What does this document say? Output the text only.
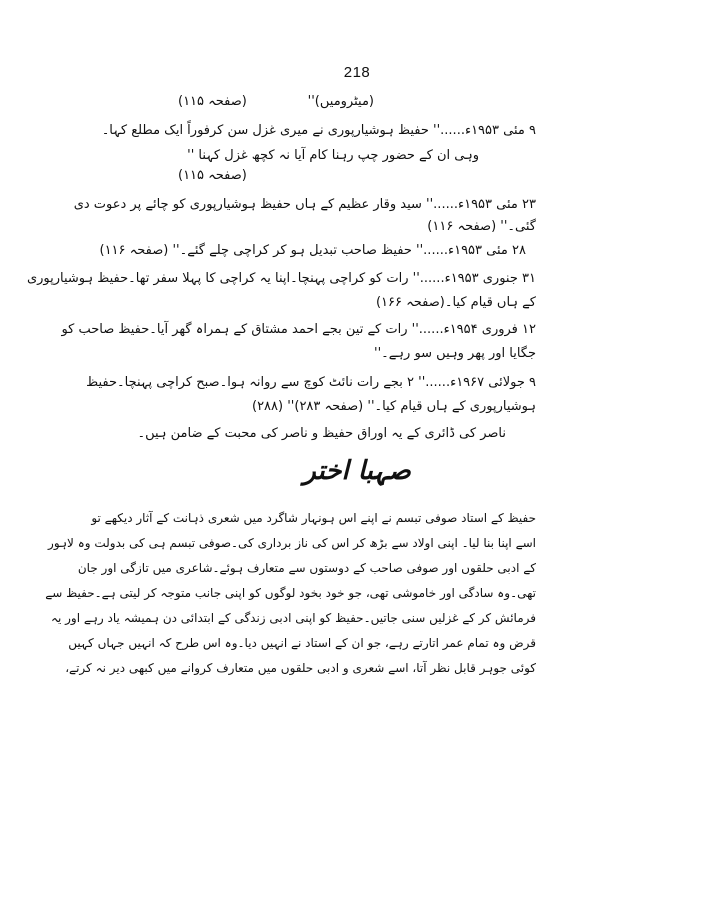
218
(میٹرومیں)''
(صفحہ ۱۱۵)
۹ مئی ۱۹۵۳ء......'' حفیظ ہوشیارپوری نے میری غزل سن کرفوراً ایک مطلع کہا۔
وہی ان کے حضور چپ رہنا کام آیا نہ کچھ غزل کہنا ''
(صفحہ ۱۱۵)
۲۳ مئی ۱۹۵۳ء......'' سید وقار عظیم کے ہاں حفیظ ہوشیارپوری کو چائے پر دعوت دی
گئی۔'' (صفحہ ۱۱۶)
۲۸ مئی ۱۹۵۳ء......'' حفیظ صاحب تبدیل ہو کر کراچی چلے گئے۔'' (صفحہ ۱۱۶)
۳۱ جنوری ۱۹۵۳ء......'' رات کو کراچی پہنچا۔اپنا یہ کراچی کا پہلا سفر تھا۔حفیظ ہوشیارپوری
کے ہاں قیام کیا۔(صفحہ ۱۶۶)
۱۲ فروری ۱۹۵۴ء......'' رات کے تین بجے احمد مشتاق کے ہمراہ گھر آیا۔حفیظ صاحب کو
جگایا اور پھر وہیں سو رہے۔''
۹ جولائی ۱۹۶۷ء......'' ۲ بجے رات نائٹ کوچ سے روانہ ہوا۔صبح کراچی پہنچا۔حفیظ
ہوشیارپوری کے ہاں قیام کیا۔'' (صفحہ ۲۸۳)'' (۲۸۸)
ناصر کی ڈائری کے یہ اوراق حفیظ و ناصر کی محبت کے ضامن ہیں۔
صہبا اختر
حفیظ کے استاد صوفی تبسم نے اپنے اس ہونہار شاگرد میں شعری ذہانت کے آثار دیکھے تو
اسے اپنا بنا لیا۔ اپنی اولاد سے بڑھ کر اس کی ناز برداری کی۔صوفی تبسم ہی کی بدولت وہ لاہور
کے ادبی حلقوں اور صوفی صاحب کے دوستوں سے متعارف ہوئے۔شاعری میں تازگی اور جان
تھی۔وہ سادگی اور خاموشی تھی، جو خود بخود لوگوں کو اپنی جانب متوجہ کر لیتی ہے۔حفیظ سے
فرمائش کر کے غزلیں سنی جاتیں۔حفیظ کو اپنی ادبی زندگی کے ابتدائی دن ہمیشہ یاد رہے اور یہ
قرض وہ تمام عمر اتارتے رہے، جو ان کے استاد نے انہیں دیا۔وہ اس طرح کہ انہیں جہاں کہیں
کوئی جوہر قابل نظر آتا، اسے شعری و ادبی حلقوں میں متعارف کروانے میں کبھی دیر نہ کرتے،
